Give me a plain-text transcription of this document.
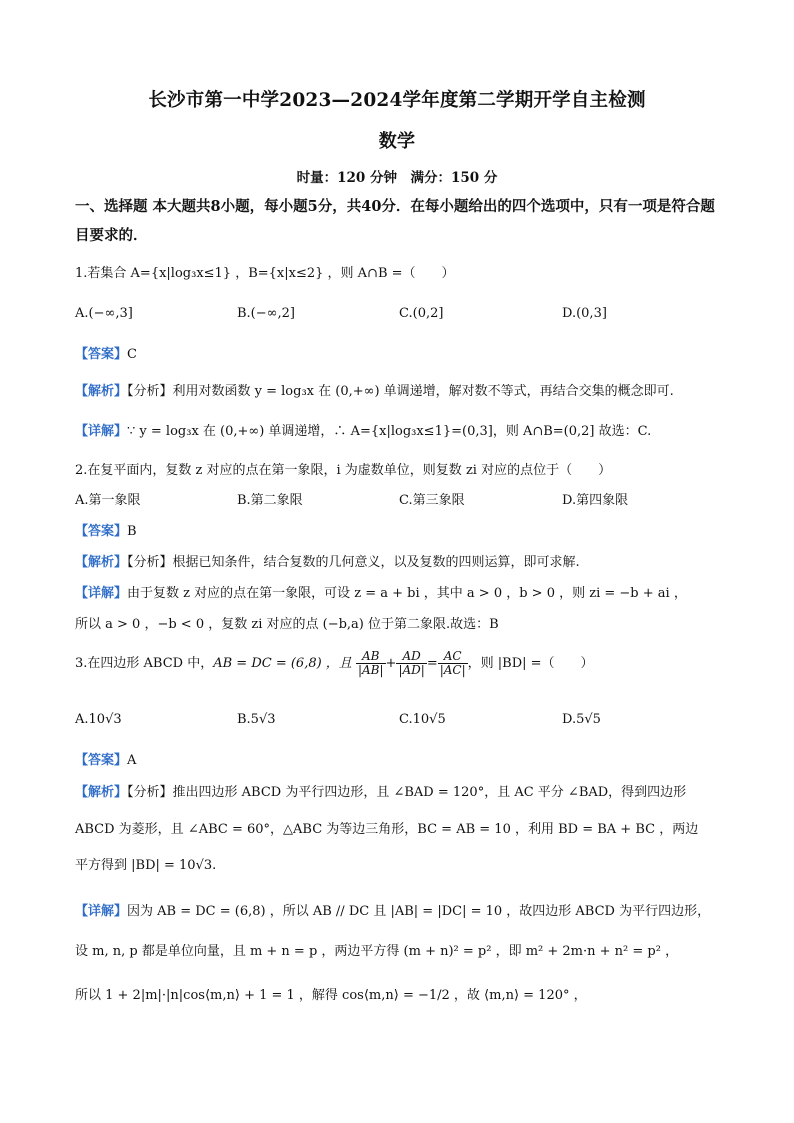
长沙市第一中学2023—2024学年度第二学期开学自主检测
数学
时量：120 分钟　满分：150 分
一、选择题 本大题共8小题，每小题5分，共40分．在每小题给出的四个选项中，只有一项是符合题目要求的．
1.若集合 A={x|log₃x≤1} ，B={x|x≤2} ，则 A∩B =（　　）
A.(−∞,3]	B.(−∞,2]	C.(0,2]	D.(0,3]
【答案】C
【解析】【分析】利用对数函数 y = log₃x 在 (0,+∞) 单调递增，解对数不等式，再结合交集的概念即可.
【详解】∵ y = log₃x 在 (0,+∞) 单调递增，∴ A={x|log₃x≤1}=(0,3]，则 A∩B=(0,2] 故选：C.
2.在复平面内，复数 z 对应的点在第一象限，i 为虚数单位，则复数 zi 对应的点位于（　　）
A.第一象限	B.第二象限	C.第三象限	D.第四象限
【答案】B
【解析】【分析】根据已知条件，结合复数的几何意义，以及复数的四则运算，即可求解.
【详解】由于复数 z 对应的点在第一象限，可设 z = a + bi ，其中 a > 0 ，b > 0 ，则 zi = −b + ai ，
所以 a > 0 ，−b < 0 ，复数 zi 对应的点 (−b,a) 位于第二象限.故选：B
3.在四边形 ABCD 中，AB = DC = (6,8) ，且 $\frac{AB}{|AB|} + \frac{AD}{|AD|} = \frac{AC}{|AC|}$ ，则 |BD| =（　　）
A.10√3	B.5√3	C.10√5	D.5√5
【答案】A
【解析】【分析】推出四边形 ABCD 为平行四边形，且 ∠BAD = 120°，且 AC 平分 ∠BAD，得到四边形
ABCD 为菱形，且 ∠ABC = 60°，△ABC 为等边三角形，BC = AB = 10 ，利用 BD = BA + BC ，两边
平方得到 |BD| = 10√3.
【详解】因为 AB = DC = (6,8) ，所以 AB // DC 且 |AB| = |DC| = 10 ，故四边形 ABCD 为平行四边形，
设 m, n, p 都是单位向量，且 m + n = p ，两边平方得 (m + n)² = p² ，即 m² + 2m·n + n² = p² ，
所以 1 + 2|m|·|n|cos⟨m,n⟩ + 1 = 1 ，解得 cos⟨m,n⟩ = −1/2 ，故 ⟨m,n⟩ = 120° ，
